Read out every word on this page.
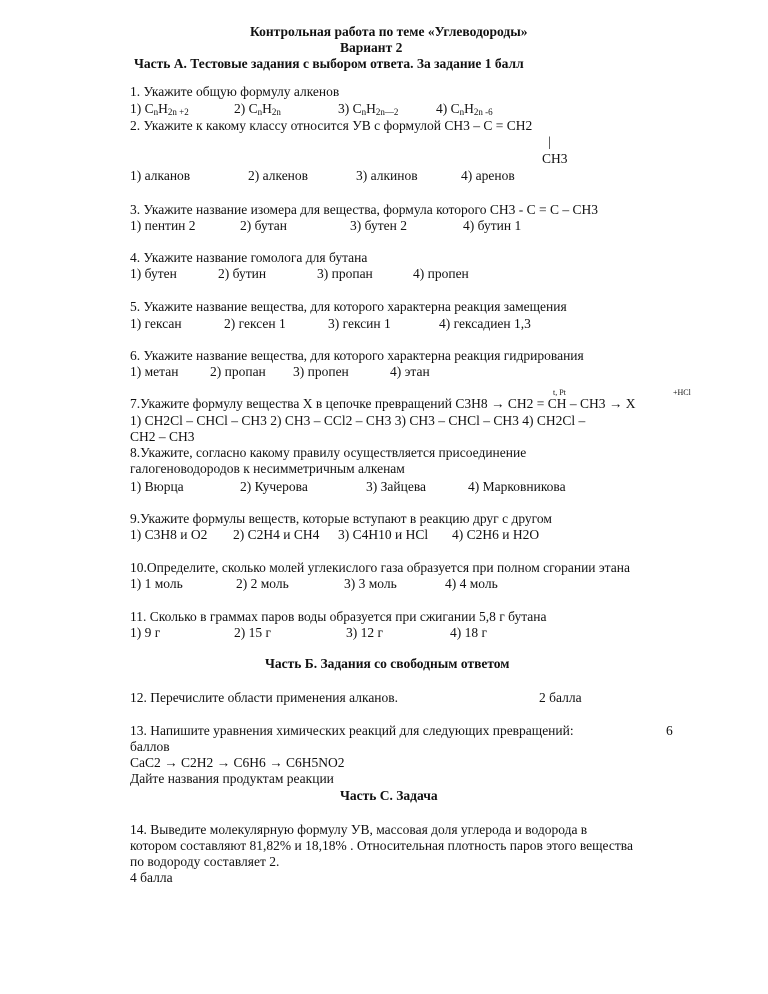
Контрольная работа по теме «Углеводороды»
Вариант 2
Часть А. Тестовые задания с выбором ответа. За задание 1 балл
1. Укажите общую формулу алкенов
1) $C_nH_{2n +2}$	2) $C_nH_{2n}$	3) $C_nH_{2n—2}$	4) $C_nH_{2n -6}$
2. Укажите к какому классу относится УВ с формулой CH3 – C = CH2
|
CH3
1) алканов	2) алкенов	3) алкинов	4) аренов
3. Укажите название изомера для вещества, формула которого CH3 - C = C – CH3
1) пентин 2	2) бутан	3) бутен 2	4) бутин 1
4. Укажите название гомолога для бутана
1) бутен	2) бутин	3) пропан	4) пропен
5. Укажите название вещества, для которого характерна реакция замещения
1) гексан	2) гексен 1	3) гексин 1	4) гексадиен 1,3
6. Укажите название вещества, для которого характерна реакция гидрирования
1) метан 2) пропан 3) пропен	4) этан
t, Pt	+HCl
7.Укажите формулу вещества X в цепочке превращений C3H8 → CH2 = CH – CH3 → X
1) CH2Cl – CHCl – CH3 2) CH3 – CCl2 – CH3 3) CH3 – CHCl – CH3 4) CH2Cl –
CH2 – CH3
8.Укажите, согласно какому правилу осуществляется присоединение
галогеноводородов к несимметричным алкенам
1) Вюрца	2) Кучерова	3) Зайцева	4) Марковникова
9.Укажите формулы веществ, которые вступают в реакцию друг с другом
1) C3H8 и O2 2) C2H4 и CH4 3) C4H10 и HCl 4) C2H6 и H2O
10.Определите, сколько молей углекислого газа образуется при полном сгорании этана
1) 1 моль	2) 2 моль	3) 3 моль	4) 4 моль
11. Сколько в граммах паров воды образуется при сжигании 5,8 г бутана
1) 9 г	2) 15 г	3) 12 г	4) 18 г
Часть Б. Задания со свободным ответом
12. Перечислите области применения алканов.	2 балла
13. Напишите уравнения химических реакций для следующих превращений:	6
баллов
CaC2 → C2H2 → C6H6 → C6H5NO2
Дайте названия продуктам реакции
Часть С. Задача
14. Выведите молекулярную формулу УВ, массовая доля углерода и водорода в
котором составляют 81,82% и 18,18% . Относительная плотность паров этого вещества
по водороду составляет 2.
4 балла
